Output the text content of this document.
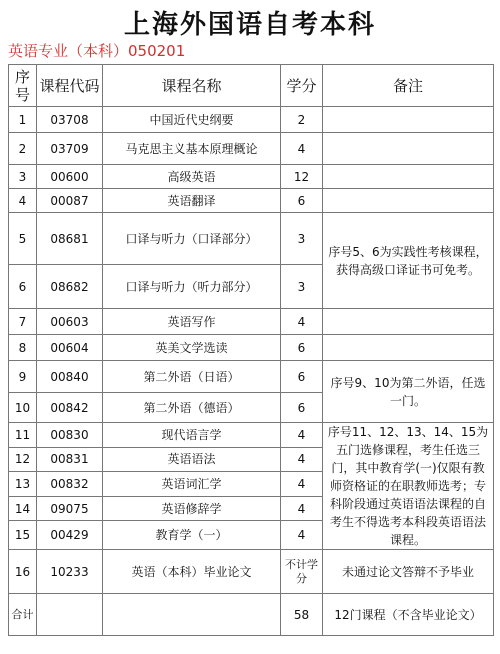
上海外国语自考本科
英语专业（本科）050201
序号	课程代码	课程名称	学分	备注
1	03708	中国近代史纲要	2	
2	03709	马克思主义基本原理概论	4	
3	00600	高级英语	12	
4	00087	英语翻译	6	
5	08681	口译与听力（口译部分）	3	序号5、6为实践性考核课程，获得高级口译证书可免考。
6	08682	口译与听力（听力部分）	3	
7	00603	英语写作	4	
8	00604	英美文学选读	6	
9	00840	第二外语（日语）	6	序号9、10为第二外语，任选一门。
10	00842	第二外语（德语）	6	
11	00830	现代语言学	4	序号11、12、13、14、15为五门选修课程，考生任选三门，其中教育学(一)仅限有教师资格证的在职教师选考；专科阶段通过英语语法课程的自考生不得选考本科段英语语法课程。
12	00831	英语语法	4	
13	00832	英语词汇学	4	
14	09075	英语修辞学	4	
15	00429	教育学（一）	4	
16	10233	英语（本科）毕业论文	不计学分	未通过论文答辩不予毕业
合计			58	12门课程（不含毕业论文）
